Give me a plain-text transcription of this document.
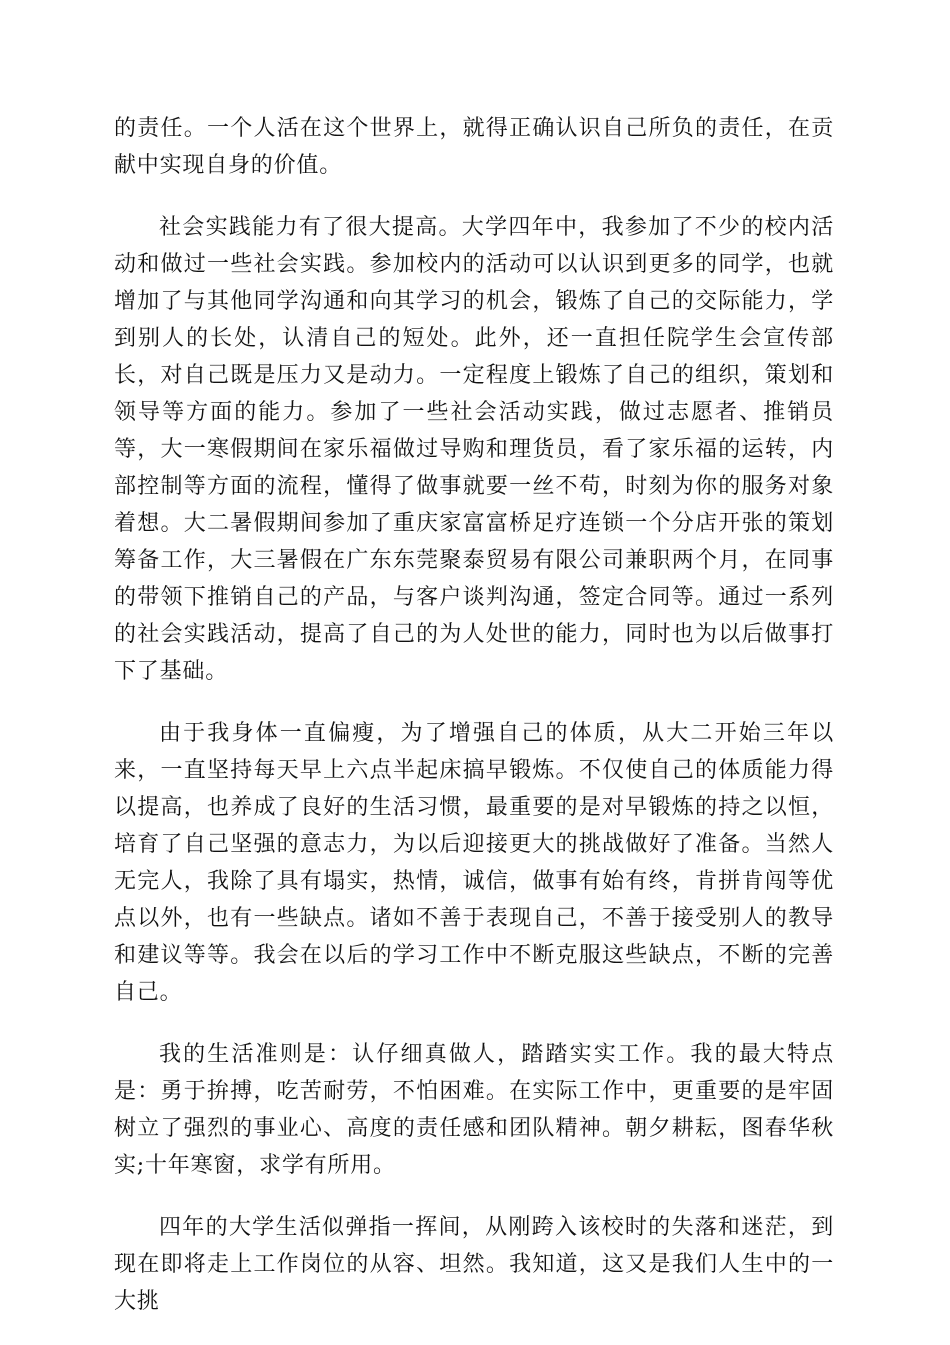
的责任。一个人活在这个世界上，就得正确认识自己所负的责任，在贡献中实现自身的价值。

社会实践能力有了很大提高。大学四年中，我参加了不少的校内活动和做过一些社会实践。参加校内的活动可以认识到更多的同学，也就增加了与其他同学沟通和向其学习的机会，锻炼了自己的交际能力，学到别人的长处，认清自己的短处。此外，还一直担任院学生会宣传部长，对自己既是压力又是动力。一定程度上锻炼了自己的组织，策划和领导等方面的能力。参加了一些社会活动实践，做过志愿者、推销员等，大一寒假期间在家乐福做过导购和理货员，看了家乐福的运转，内部控制等方面的流程，懂得了做事就要一丝不苟，时刻为你的服务对象着想。大二暑假期间参加了重庆家富富桥足疗连锁一个分店开张的策划筹备工作，大三暑假在广东东莞聚泰贸易有限公司兼职两个月，在同事的带领下推销自己的产品，与客户谈判沟通，签定合同等。通过一系列的社会实践活动，提高了自己的为人处世的能力，同时也为以后做事打下了基础。

由于我身体一直偏瘦，为了增强自己的体质，从大二开始三年以来，一直坚持每天早上六点半起床搞早锻炼。不仅使自己的体质能力得以提高，也养成了良好的生活习惯，最重要的是对早锻炼的持之以恒，培育了自己坚强的意志力，为以后迎接更大的挑战做好了准备。当然人无完人，我除了具有塌实，热情，诚信，做事有始有终，肯拼肯闯等优点以外，也有一些缺点。诸如不善于表现自己，不善于接受别人的教导和建议等等。我会在以后的学习工作中不断克服这些缺点，不断的完善自己。

我的生活准则是：认仔细真做人，踏踏实实工作。我的最大特点是：勇于拚搏，吃苦耐劳，不怕困难。在实际工作中，更重要的是牢固树立了强烈的事业心、高度的责任感和团队精神。朝夕耕耘，图春华秋实;十年寒窗，求学有所用。

四年的大学生活似弹指一挥间，从刚跨入该校时的失落和迷茫，到现在即将走上工作岗位的从容、坦然。我知道，这又是我们人生中的一大挑
